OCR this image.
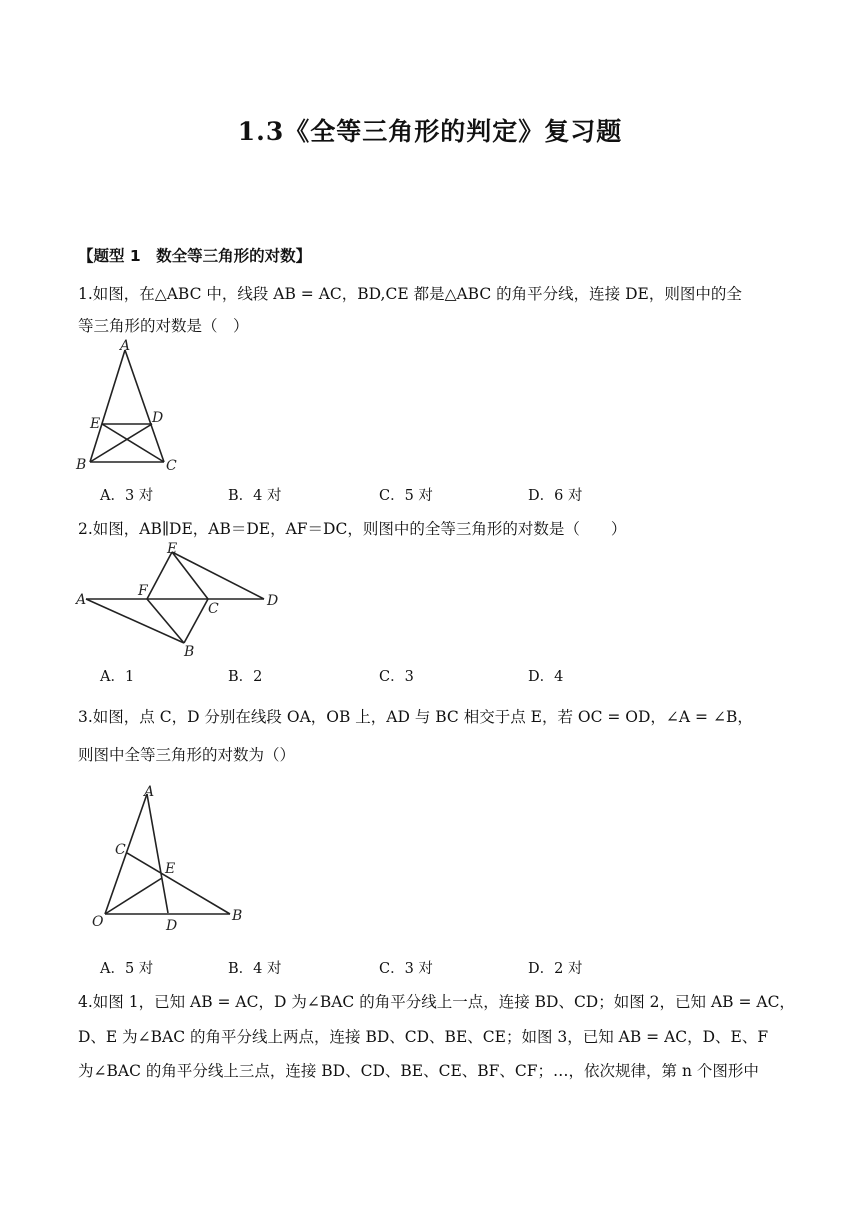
1.3《全等三角形的判定》复习题
【题型 1　数全等三角形的对数】
1.如图，在△ABC 中，线段 AB = AC，BD,CE 都是△ABC 的角平分线，连接 DE，则图中的全
等三角形的对数是（　）
A
E	D
B	C
A．3 对	B．4 对	C．5 对	D．6 对
2.如图，AB∥DE，AB＝DE，AF＝DC，则图中的全等三角形的对数是（　　）
E
F
A
C	D
B
A．1	B．2	C．3	D．4
3.如图，点 C，D 分别在线段 OA，OB 上，AD 与 BC 相交于点 E，若 OC = OD，∠A = ∠B，
则图中全等三角形的对数为（）
A
C
E
O	D
B
A．5 对	B．4 对	C．3 对	D．2 对
4.如图 1，已知 AB = AC，D 为∠BAC 的角平分线上一点，连接 BD、CD；如图 2，已知 AB = AC，
D、E 为∠BAC 的角平分线上两点，连接 BD、CD、BE、CE；如图 3，已知 AB = AC，D、E、F
为∠BAC 的角平分线上三点，连接 BD、CD、BE、CE、BF、CF；…，依次规律，第 n 个图形中
